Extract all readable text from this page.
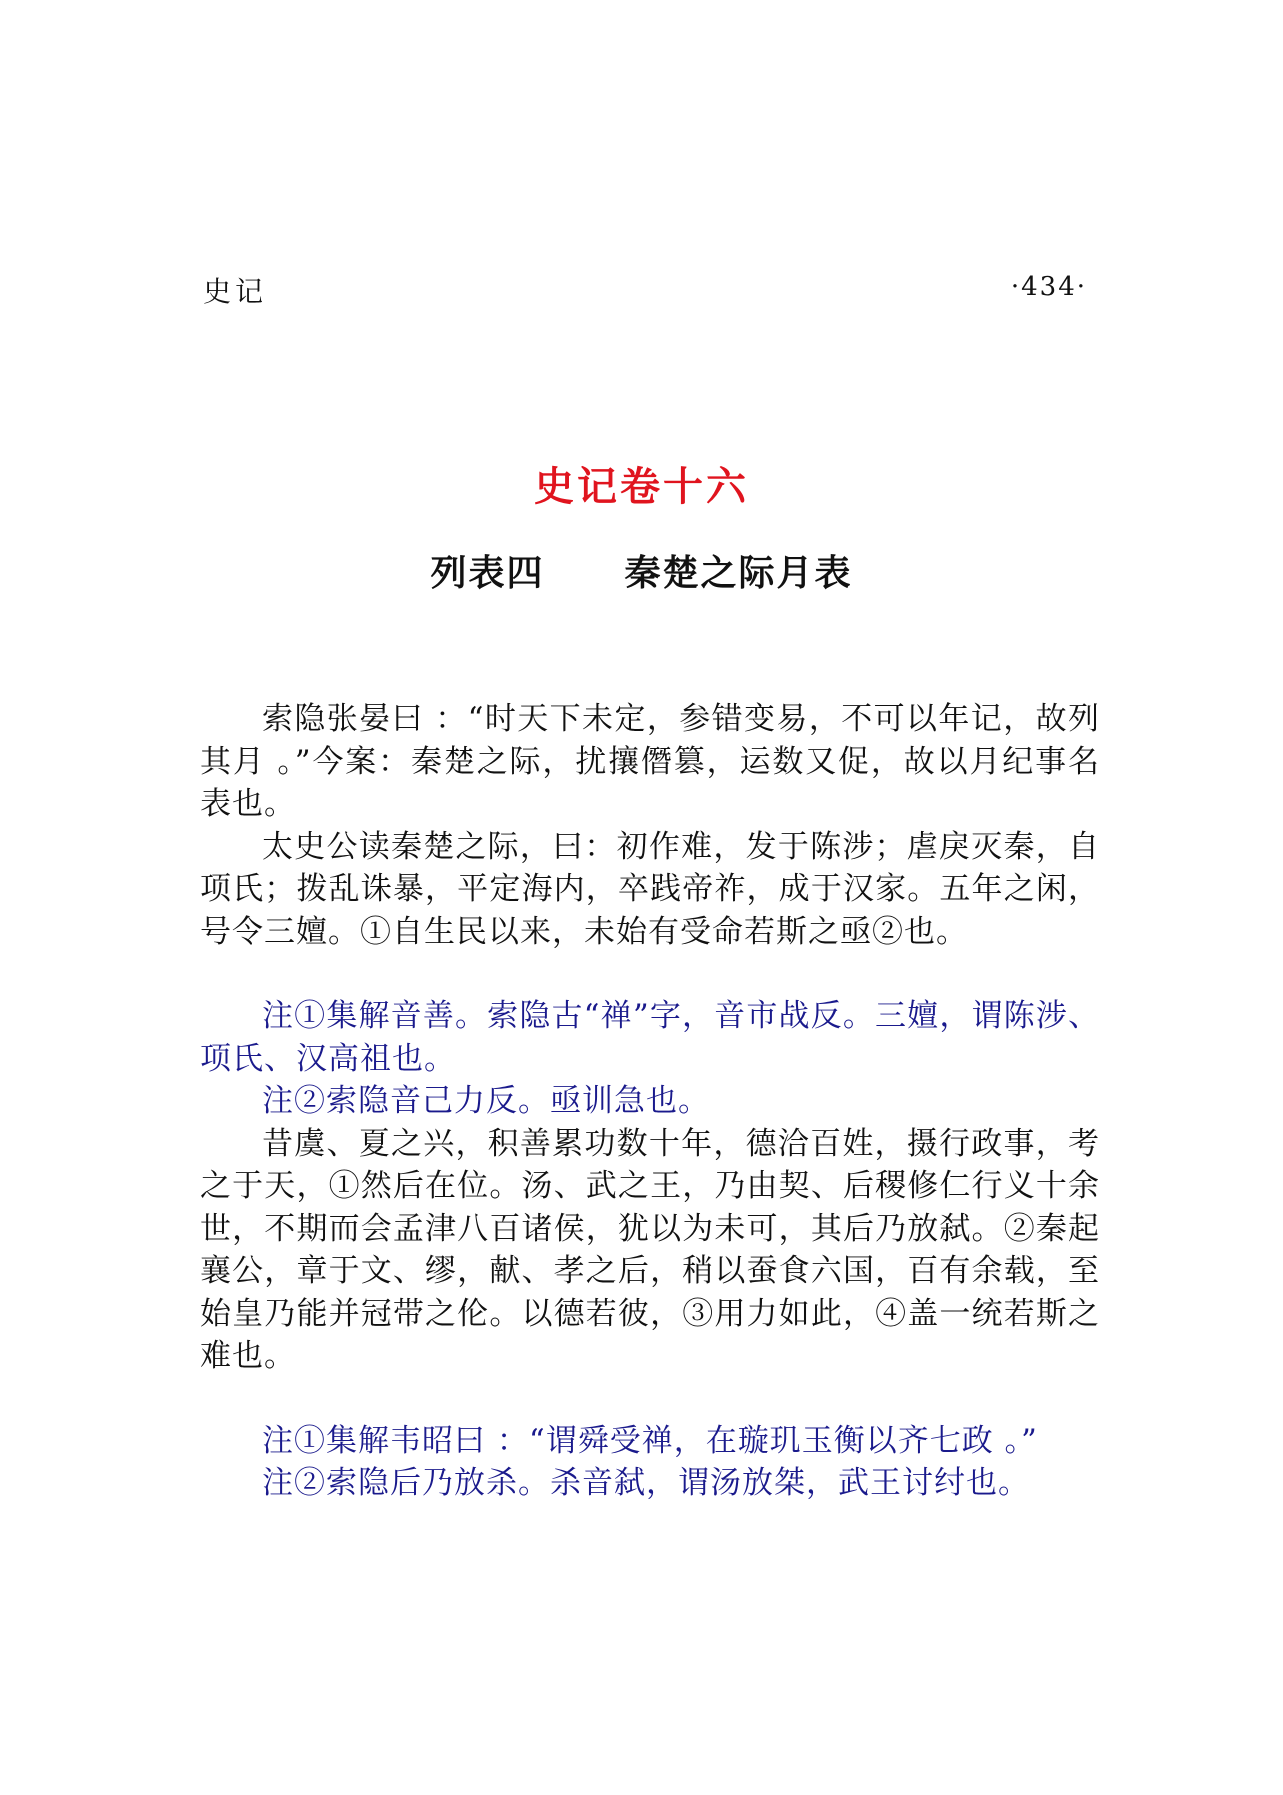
史记	·434·
史记卷十六
列表四 秦楚之际月表

索隐张晏曰 ：“时天下未定，参错变易，不可以年记，故列其月 。”今案：秦楚之际，扰攘僭篡，运数又促，故以月纪事名表也。

太史公读秦楚之际，曰：初作难，发于陈涉；虐戾灭秦，自项氏；拨乱诛暴，平定海内，卒践帝祚，成于汉家。五年之闲，号令三嬗。①自生民以来，未始有受命若斯之亟②也。

注①集解音善。索隐古“禅”字，音市战反。三嬗，谓陈涉、项氏、汉高祖也。

注②索隐音己力反。亟训急也。

昔虞、夏之兴，积善累功数十年，德洽百姓，摄行政事，考之于天，①然后在位。汤、武之王，乃由契、后稷修仁行义十余世，不期而会孟津八百诸侯，犹以为未可，其后乃放弑。②秦起襄公，章于文、缪，献、孝之后，稍以蚕食六国，百有余载，至始皇乃能并冠带之伦。以德若彼，③用力如此，④盖一统若斯之难也。

注①集解韦昭曰 ：“谓舜受禅，在璇玑玉衡以齐七政 。”

注②索隐后乃放杀。杀音弑，谓汤放桀，武王讨纣也。
